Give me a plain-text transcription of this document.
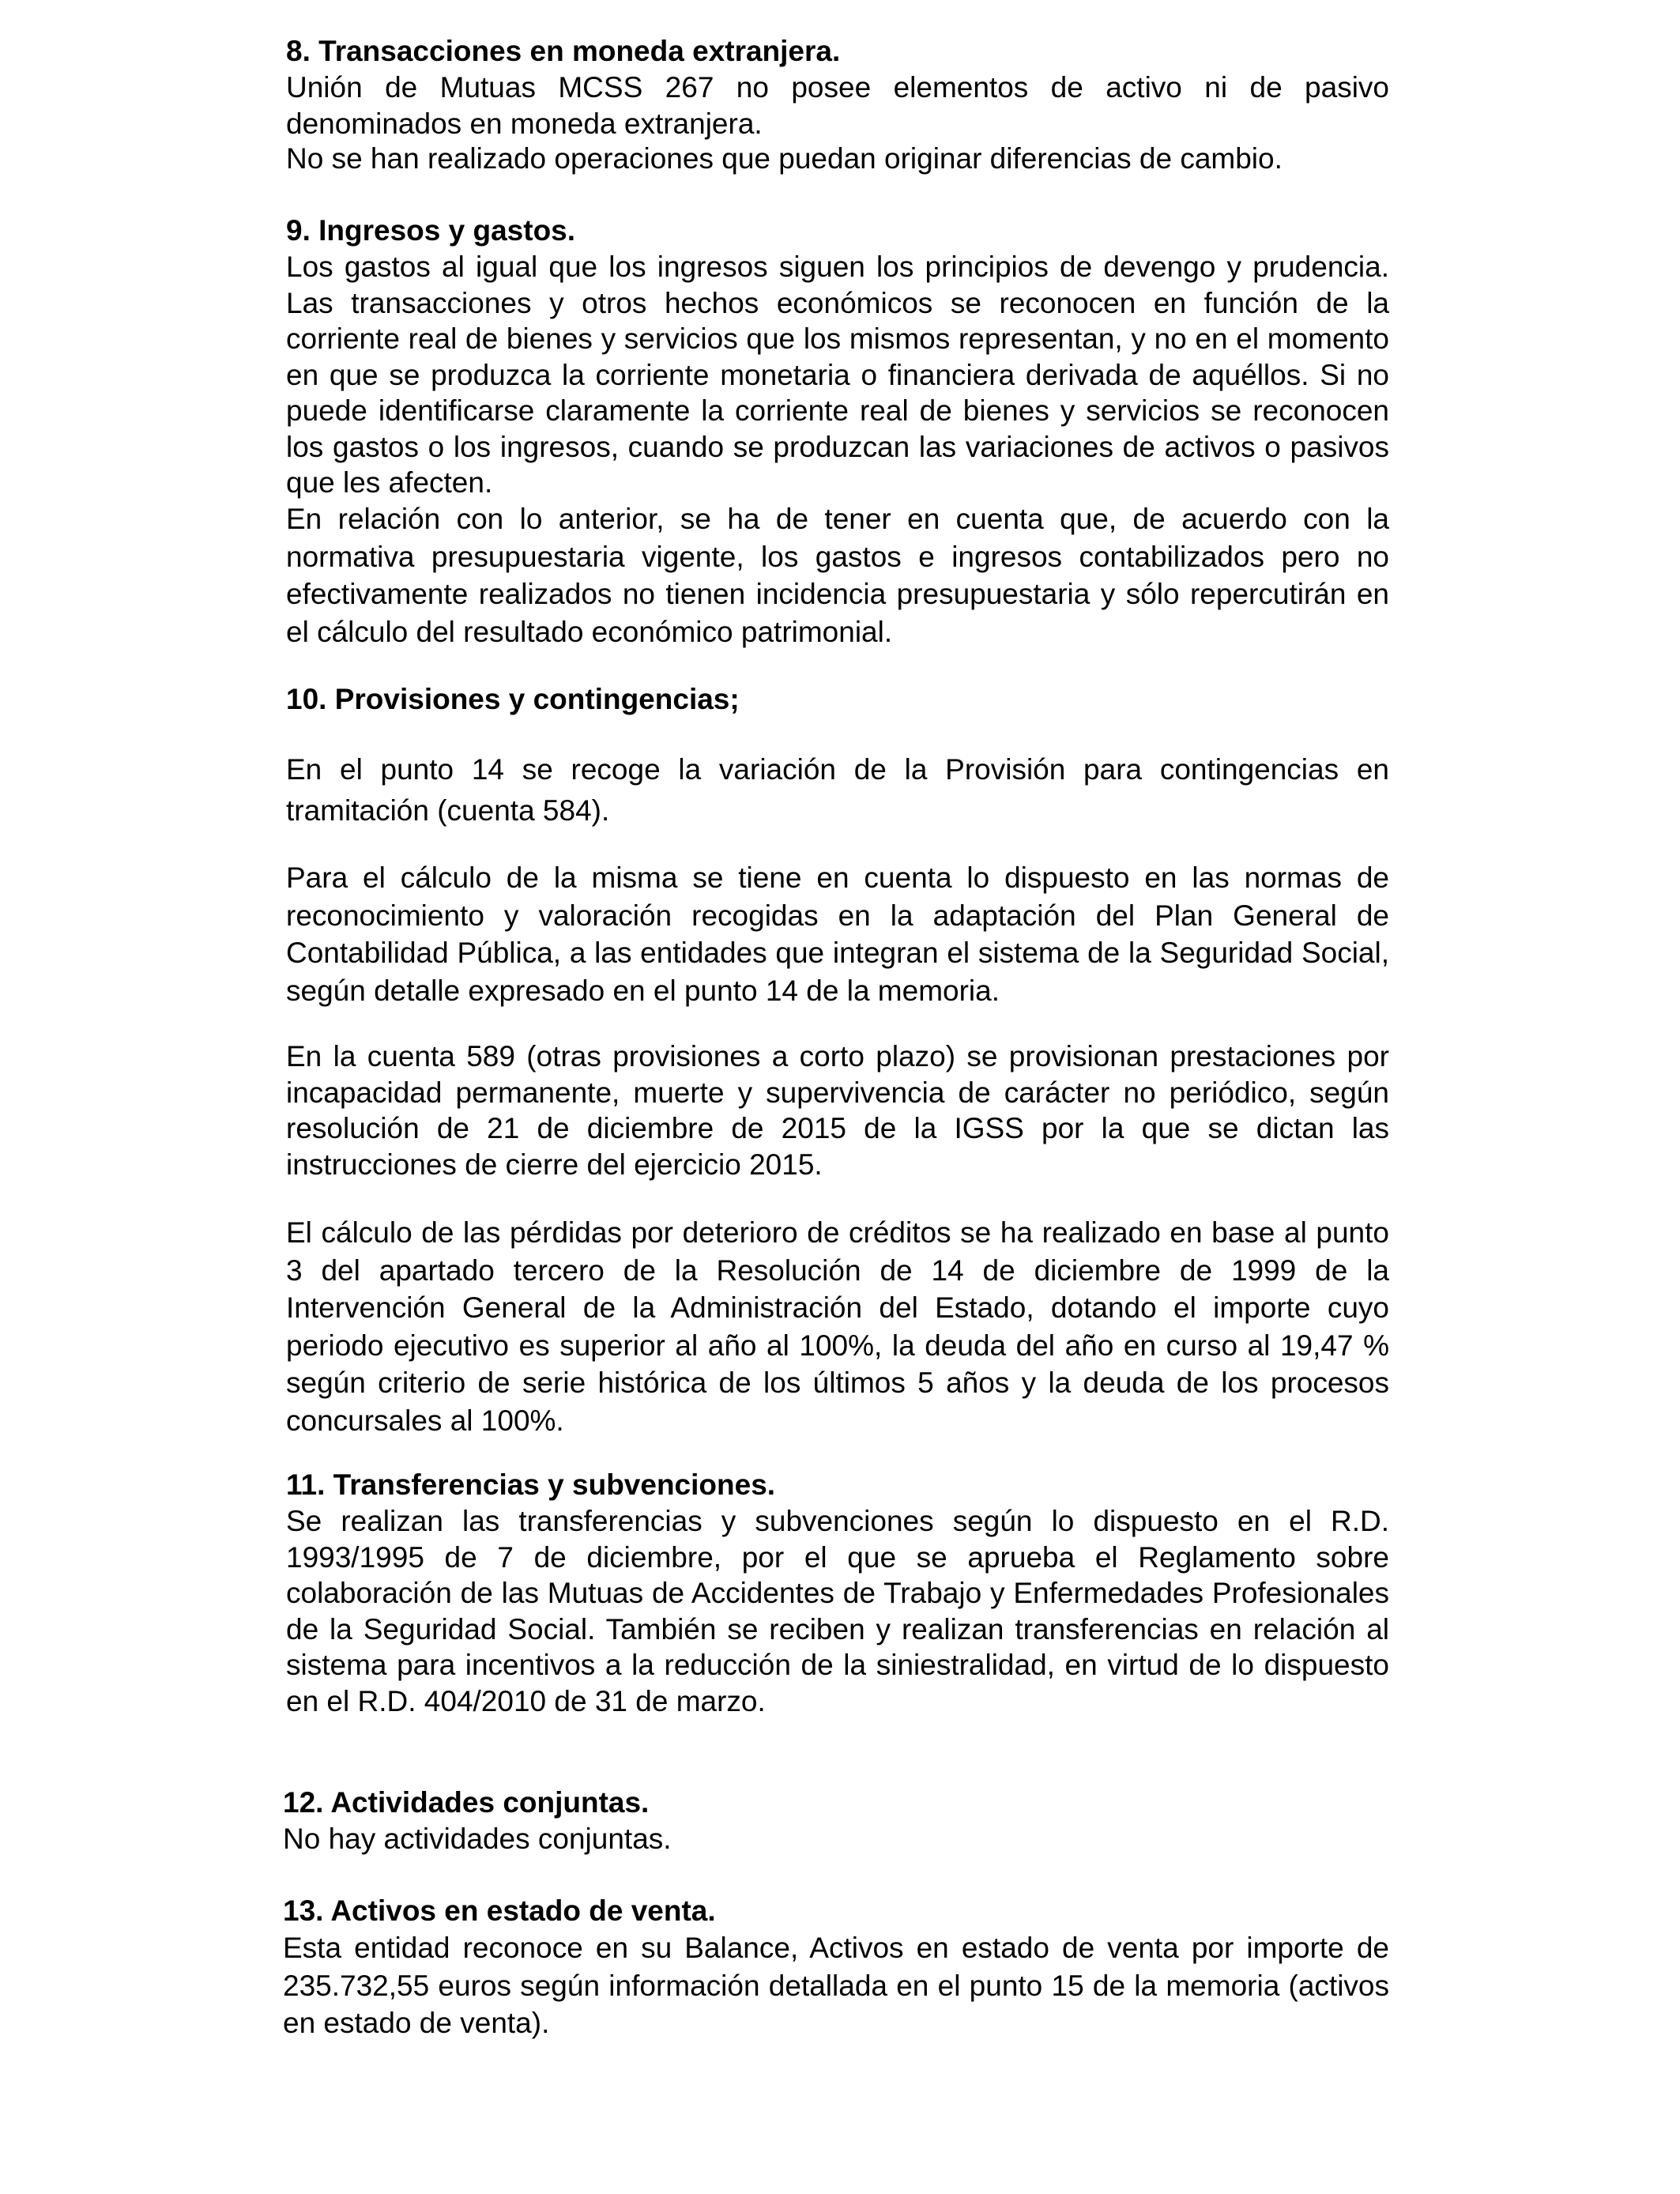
8. Transacciones en moneda extranjera.

Unión de Mutuas MCSS 267 no posee elementos de activo ni de pasivo denominados en moneda extranjera.

No se han realizado operaciones que puedan originar diferencias de cambio.

9. Ingresos y gastos.

Los gastos al igual que los ingresos siguen los principios de devengo y prudencia. Las transacciones y otros hechos económicos se reconocen en función de la corriente real de bienes y servicios que los mismos representan, y no en el momento en que se produzca la corriente monetaria o financiera derivada de aquéllos. Si no puede identificarse claramente la corriente real de bienes y servicios se reconocen los gastos o los ingresos, cuando se produzcan las variaciones de activos o pasivos que les afecten.

En relación con lo anterior, se ha de tener en cuenta que, de acuerdo con la normativa presupuestaria vigente, los gastos e ingresos contabilizados pero no efectivamente realizados no tienen incidencia presupuestaria y sólo repercutirán en el cálculo del resultado económico patrimonial.

10. Provisiones y contingencias;

En el punto 14 se recoge la variación de la Provisión para contingencias en tramitación (cuenta 584).

Para el cálculo de la misma se tiene en cuenta lo dispuesto en las normas de reconocimiento y valoración recogidas en la adaptación del Plan General de Contabilidad Pública, a las entidades que integran el sistema de la Seguridad Social, según detalle expresado en el punto 14 de la memoria.

En la cuenta 589 (otras provisiones a corto plazo) se provisionan prestaciones por incapacidad permanente, muerte y supervivencia de carácter no periódico, según resolución de 21 de diciembre de 2015 de la IGSS por la que se dictan las instrucciones de cierre del ejercicio 2015.

El cálculo de las pérdidas por deterioro de créditos se ha realizado en base al punto 3 del apartado tercero de la Resolución de 14 de diciembre de 1999 de la Intervención General de la Administración del Estado, dotando el importe cuyo periodo ejecutivo es superior al año al 100%, la deuda del año en curso al 19,47 % según criterio de serie histórica de los últimos 5 años y la deuda de los procesos concursales al 100%.

11. Transferencias y subvenciones.

Se realizan las transferencias y subvenciones según lo dispuesto en el R.D. 1993/1995 de 7 de diciembre, por el que se aprueba el Reglamento sobre colaboración de las Mutuas de Accidentes de Trabajo y Enfermedades Profesionales de la Seguridad Social. También se reciben y realizan transferencias en relación al sistema para incentivos a la reducción de la siniestralidad, en virtud de lo dispuesto en el R.D. 404/2010 de 31 de marzo.

12. Actividades conjuntas.

No hay actividades conjuntas.

13. Activos en estado de venta.

Esta entidad reconoce en su Balance, Activos en estado de venta por importe de 235.732,55 euros según información detallada en el punto 15 de la memoria (activos en estado de venta).
